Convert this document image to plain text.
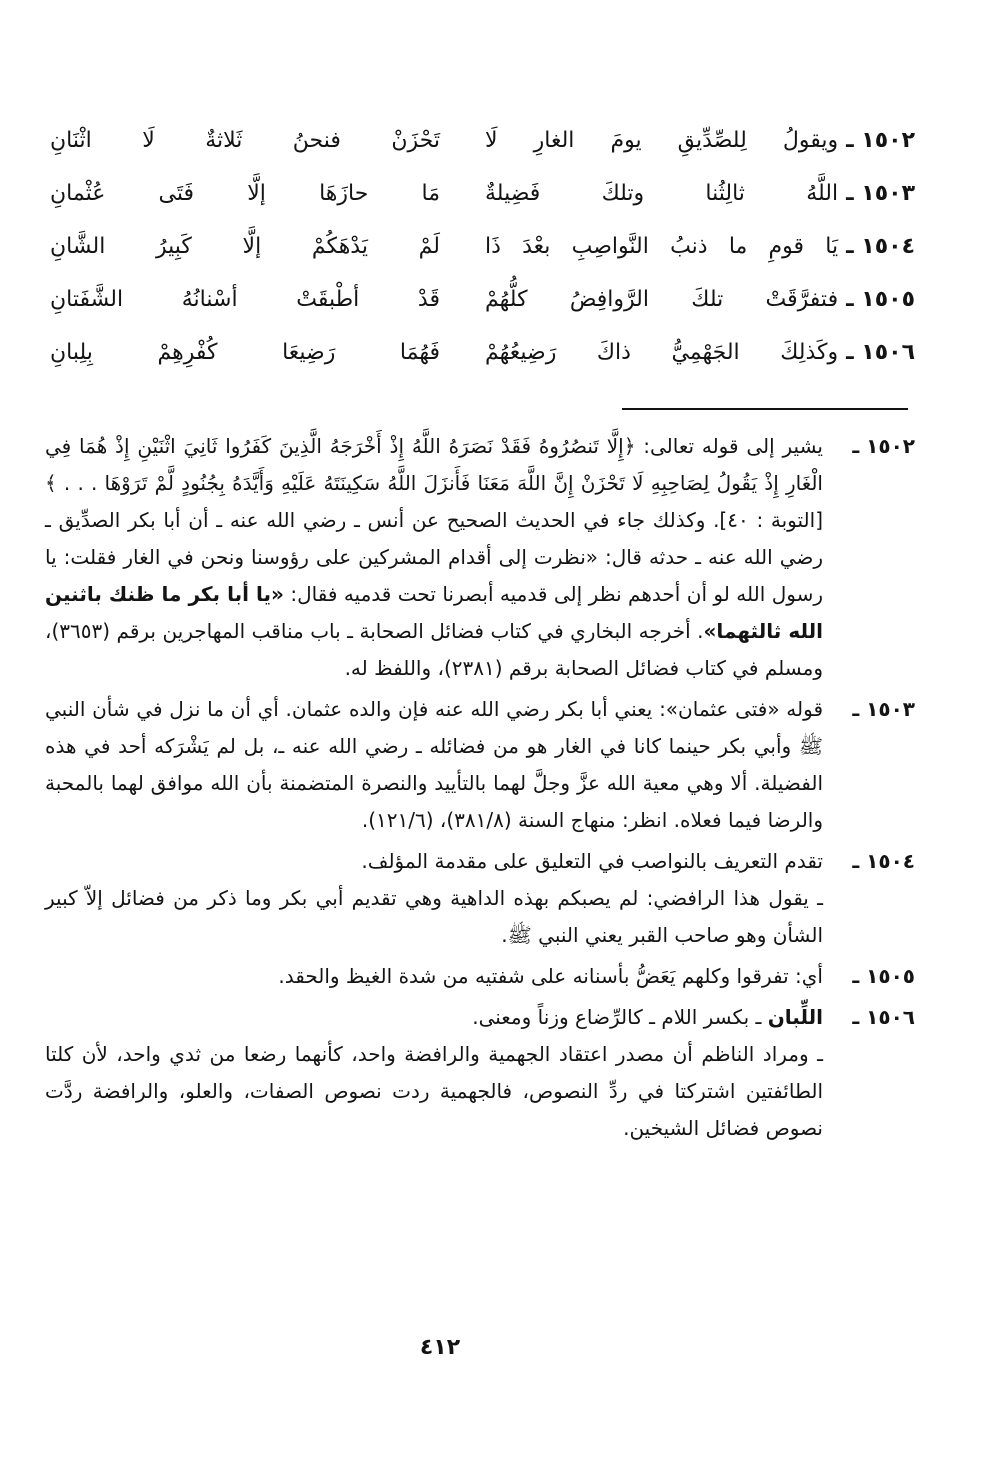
١٥٠٢ ـ
ويقولُ لِلصِّدِّيقِ يومَ الغارِ لَا
تَحْزَنْ فنحنُ ثَلاثةٌ لَا اثْنَانِ
١٥٠٣ ـ
اللَّهُ ثالِثُنا وتلكَ فَضِيلةٌ
مَا حازَهَا إلَّا فَتَى عُثْمانِ
١٥٠٤ ـ
يَا قومِ ما ذنبُ النَّواصِبِ بعْدَ ذَا
لَمْ يَدْهَكُمْ إلَّا كَبِيرُ الشَّانِ
١٥٠٥ ـ
فتفرَّقَتْ تلكَ الرَّوافِضُ كلُّهُمْ
قَدْ أطْبقَتْ أسْنانُهُ الشَّفَتانِ
١٥٠٦ ـ
وكَذلِكَ الجَهْمِيُّ ذاكَ رَضِيعُهُمْ
فَهُمَا رَضِيعَا كُفْرِهِمْ بِلِبانِ
١٥٠٢ ـ

يشير إلى قوله تعالى: ﴿إِلَّا تَنصُرُوهُ فَقَدْ نَصَرَهُ اللَّهُ إِذْ أَخْرَجَهُ الَّذِينَ كَفَرُوا ثَانِيَ اثْنَيْنِ إِذْ هُمَا فِي الْغَارِ إِذْ يَقُولُ لِصَاحِبِهِ لَا تَحْزَنْ إِنَّ اللَّهَ مَعَنَا فَأَنزَلَ اللَّهُ سَكِينَتَهُ عَلَيْهِ وَأَيَّدَهُ بِجُنُودٍ لَّمْ تَرَوْهَا . . . ﴾ [التوبة : ٤٠]. وكذلك جاء في الحديث الصحيح عن أنس ـ رضي الله عنه ـ أن أبا بكر الصدِّيق ـ رضي الله عنه ـ حدثه قال: «نظرت إلى أقدام المشركين على رؤوسنا ونحن في الغار فقلت: يا رسول الله لو أن أحدهم نظر إلى قدميه أبصرنا تحت قدميه فقال: «يا أبا بكر ما ظنك باثنين الله ثالثهما». أخرجه البخاري في كتاب فضائل الصحابة ـ باب مناقب المهاجرين برقم (٣٦٥٣)، ومسلم في كتاب فضائل الصحابة برقم (٢٣٨١)، واللفظ له.

١٥٠٣ ـ

قوله «فتى عثمان»: يعني أبا بكر رضي الله عنه فإن والده عثمان. أي أن ما نزل في شأن النبي ﷺ وأبي بكر حينما كانا في الغار هو من فضائله ـ رضي الله عنه ـ، بل لم يَشْرَكه أحد في هذه الفضيلة. ألا وهي معية الله عزَّ وجلَّ لهما بالتأييد والنصرة المتضمنة بأن الله موافق لهما بالمحبة والرضا فيما فعلاه. انظر: منهاج السنة (٣٨١/٨)، (١٢١/٦).

١٥٠٤ ـ

تقدم التعريف بالنواصب في التعليق على مقدمة المؤلف.

ـ يقول هذا الرافضي: لم يصبكم بهذه الداهية وهي تقديم أبي بكر وما ذكر من فضائل إلاّ كبير الشأن وهو صاحب القبر يعني النبي ﷺ.

١٥٠٥ ـ

أي: تفرقوا وكلهم يَعَضُّ بأسنانه على شفتيه من شدة الغيظ والحقد.

١٥٠٦ ـ

اللِّبان ـ بكسر اللام ـ كالرِّضاع وزناً ومعنى.

ـ ومراد الناظم أن مصدر اعتقاد الجهمية والرافضة واحد، كأنهما رضعا من ثدي واحد، لأن كلتا الطائفتين اشتركتا في ردِّ النصوص، فالجهمية ردت نصوص الصفات، والعلو، والرافضة ردَّت نصوص فضائل الشيخين.

٤١٢
